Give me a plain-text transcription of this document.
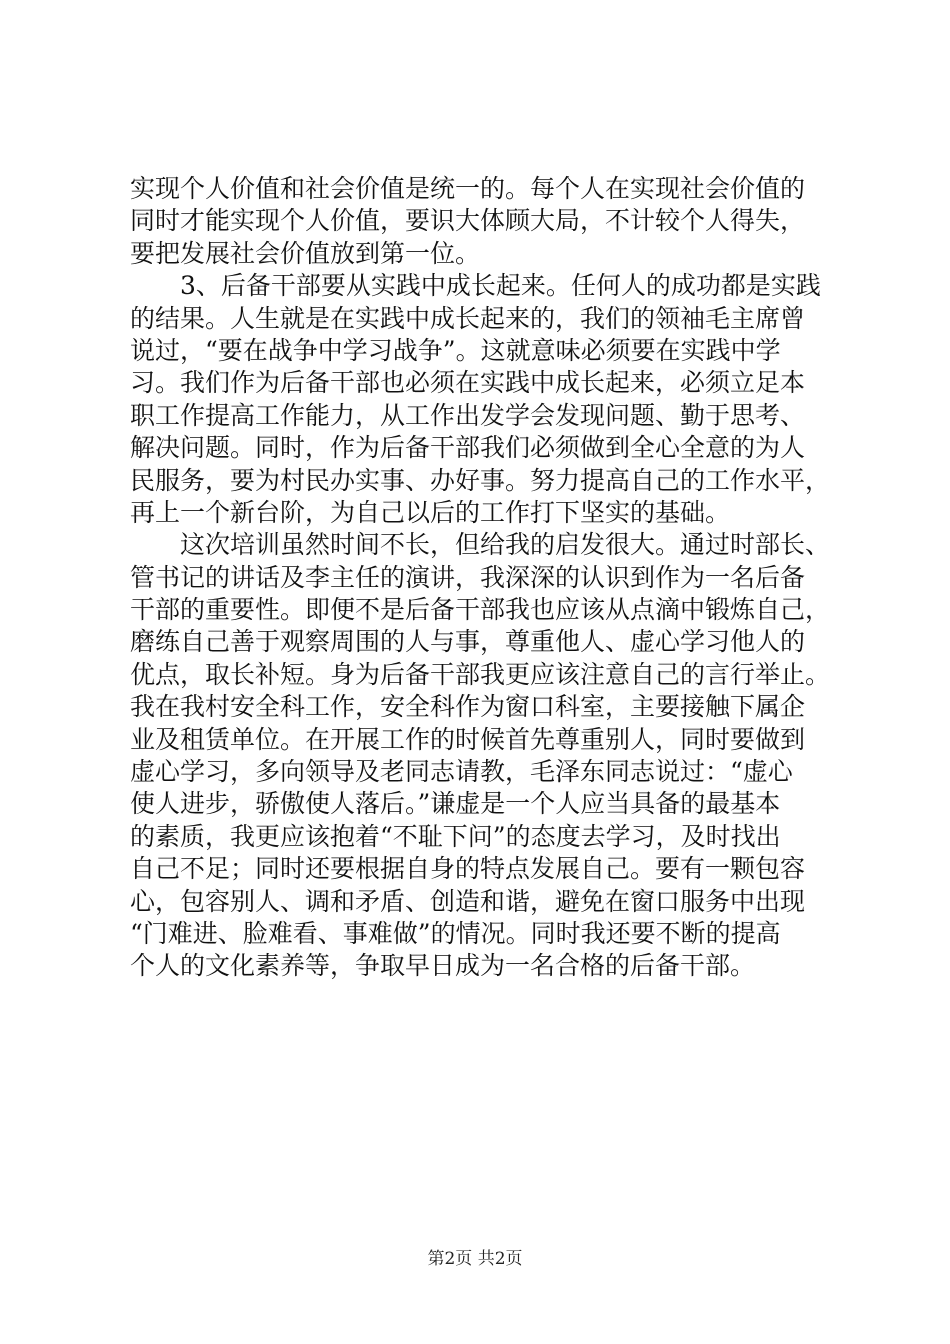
实现个人价值和社会价值是统一的。每个人在实现社会价值的
同时才能实现个人价值，要识大体顾大局，不计较个人得失，
要把发展社会价值放到第一位。
3、后备干部要从实践中成长起来。任何人的成功都是实践
的结果。人生就是在实践中成长起来的，我们的领袖毛主席曾
说过，“要在战争中学习战争”。这就意味必须要在实践中学
习。我们作为后备干部也必须在实践中成长起来，必须立足本
职工作提高工作能力，从工作出发学会发现问题、勤于思考、
解决问题。同时，作为后备干部我们必须做到全心全意的为人
民服务，要为村民办实事、办好事。努力提高自己的工作水平，
再上一个新台阶，为自己以后的工作打下坚实的基础。
这次培训虽然时间不长，但给我的启发很大。通过时部长、
管书记的讲话及李主任的演讲，我深深的认识到作为一名后备
干部的重要性。即便不是后备干部我也应该从点滴中锻炼自己，
磨练自己善于观察周围的人与事，尊重他人、虚心学习他人的
优点，取长补短。身为后备干部我更应该注意自己的言行举止。
我在我村安全科工作，安全科作为窗口科室，主要接触下属企
业及租赁单位。在开展工作的时候首先尊重别人，同时要做到
虚心学习，多向领导及老同志请教，毛泽东同志说过：“虚心
使人进步，骄傲使人落后。”谦虚是一个人应当具备的最基本
的素质，我更应该抱着“不耻下问”的态度去学习，及时找出
自己不足；同时还要根据自身的特点发展自己。要有一颗包容
心，包容别人、调和矛盾、创造和谐，避免在窗口服务中出现
“门难进、脸难看、事难做”的情况。同时我还要不断的提高
个人的文化素养等，争取早日成为一名合格的后备干部。
第2页 共2页
